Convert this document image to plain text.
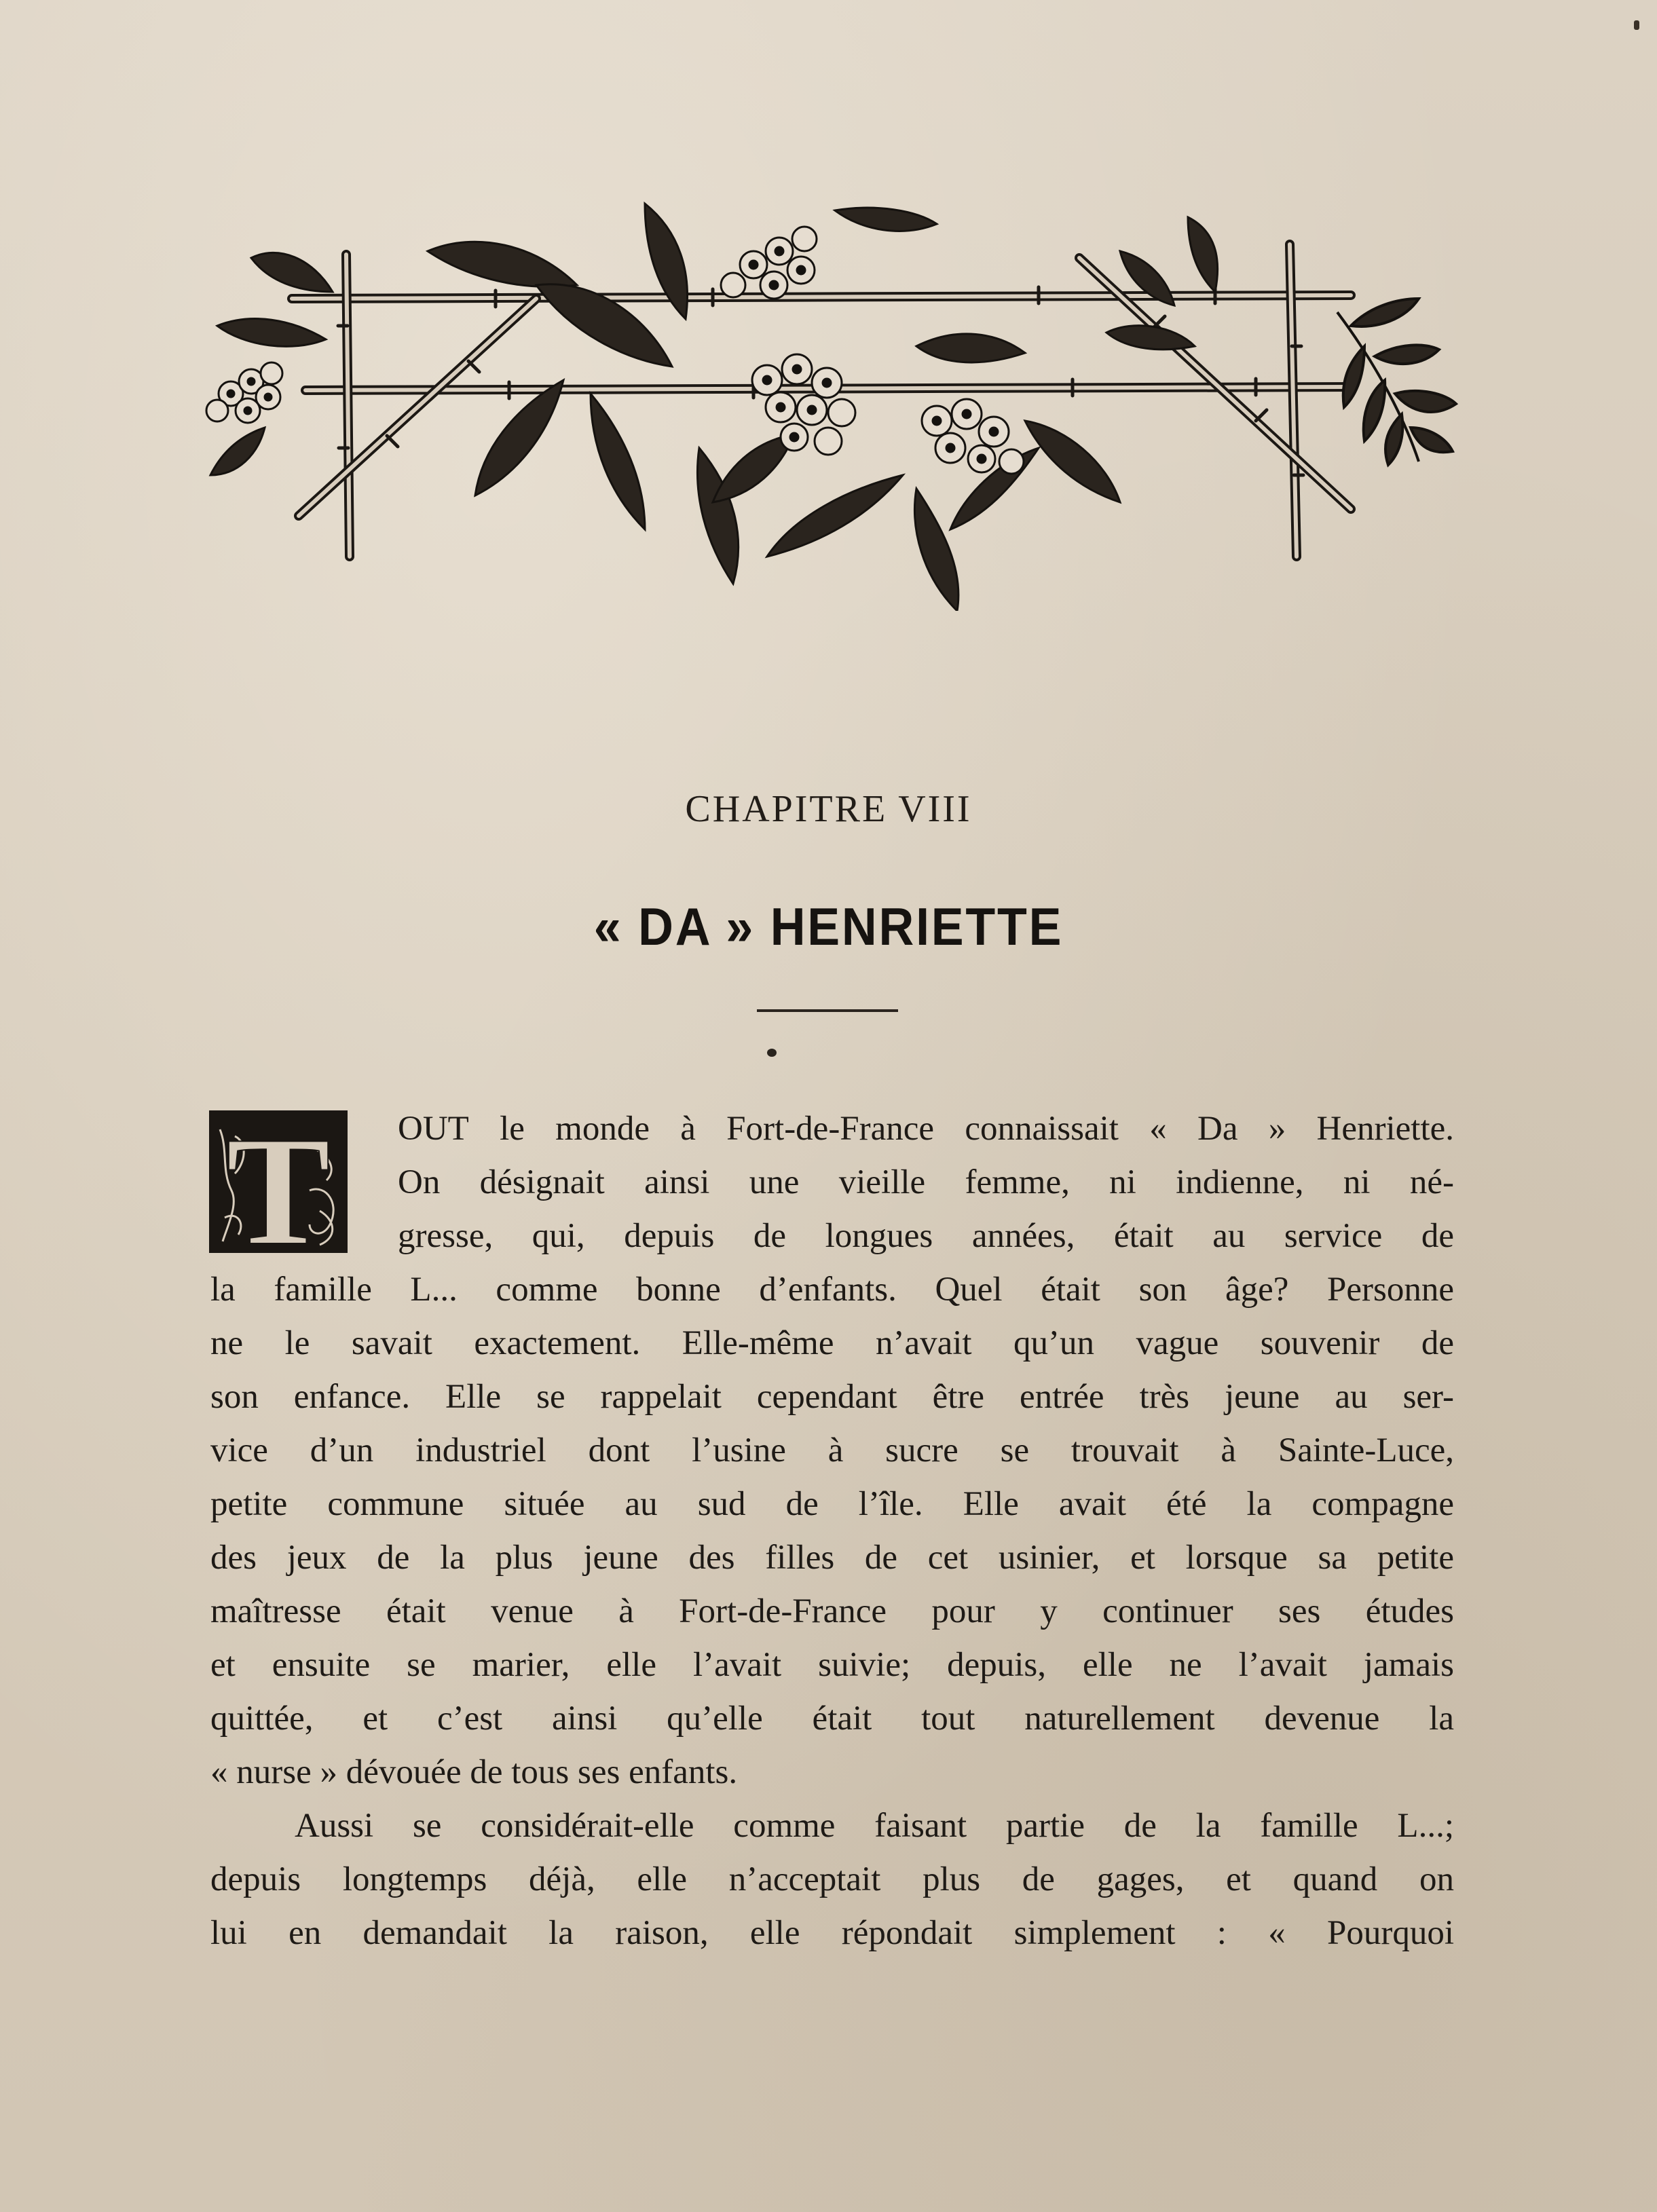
CHAPITRE VIII
« DA » HENRIETTE
T	OUT le monde à Fort-de-France connaissait « Da » Henriette.
On désignait ainsi une vieille femme, ni indienne, ni né-
gresse, qui, depuis de longues années, était au service de
la famille L... comme bonne d’enfants. Quel était son âge? Personne
ne le savait exactement. Elle-même n’avait qu’un vague souvenir de
son enfance. Elle se rappelait cependant être entrée très jeune au ser-
vice d’un industriel dont l’usine à sucre se trouvait à Sainte-Luce,
petite commune située au sud de l’île. Elle avait été la compagne
des jeux de la plus jeune des filles de cet usinier, et lorsque sa petite
maîtresse était venue à Fort-de-France pour y continuer ses études
et ensuite se marier, elle l’avait suivie; depuis, elle ne l’avait jamais
quittée, et c’est ainsi qu’elle était tout naturellement devenue la
« nurse » dévouée de tous ses enfants.
Aussi se considérait-elle comme faisant partie de la famille L...;
depuis longtemps déjà, elle n’acceptait plus de gages, et quand on
lui en demandait la raison, elle répondait simplement : « Pourquoi
